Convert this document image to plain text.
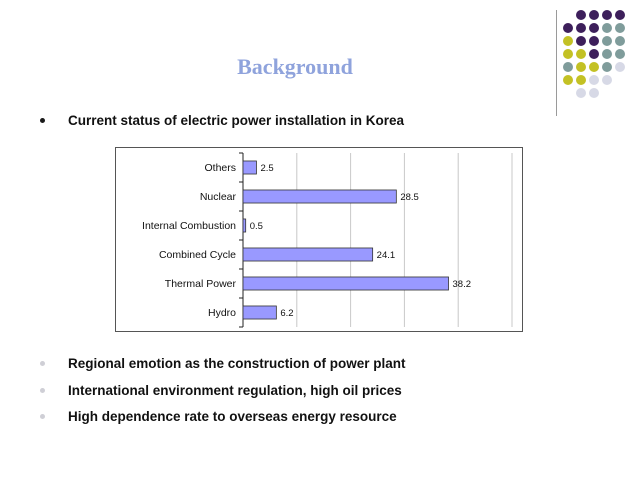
Background
Current status of electric power installation in Korea
Others	2.5
Nuclear	28.5
Internal Combustion 0.5
Combined Cycle	24.1
Thermal Power	38.2
Hydro	6.2
Regional emotion as the construction of power plant
International environment regulation, high oil prices
High dependence rate to overseas energy resource
